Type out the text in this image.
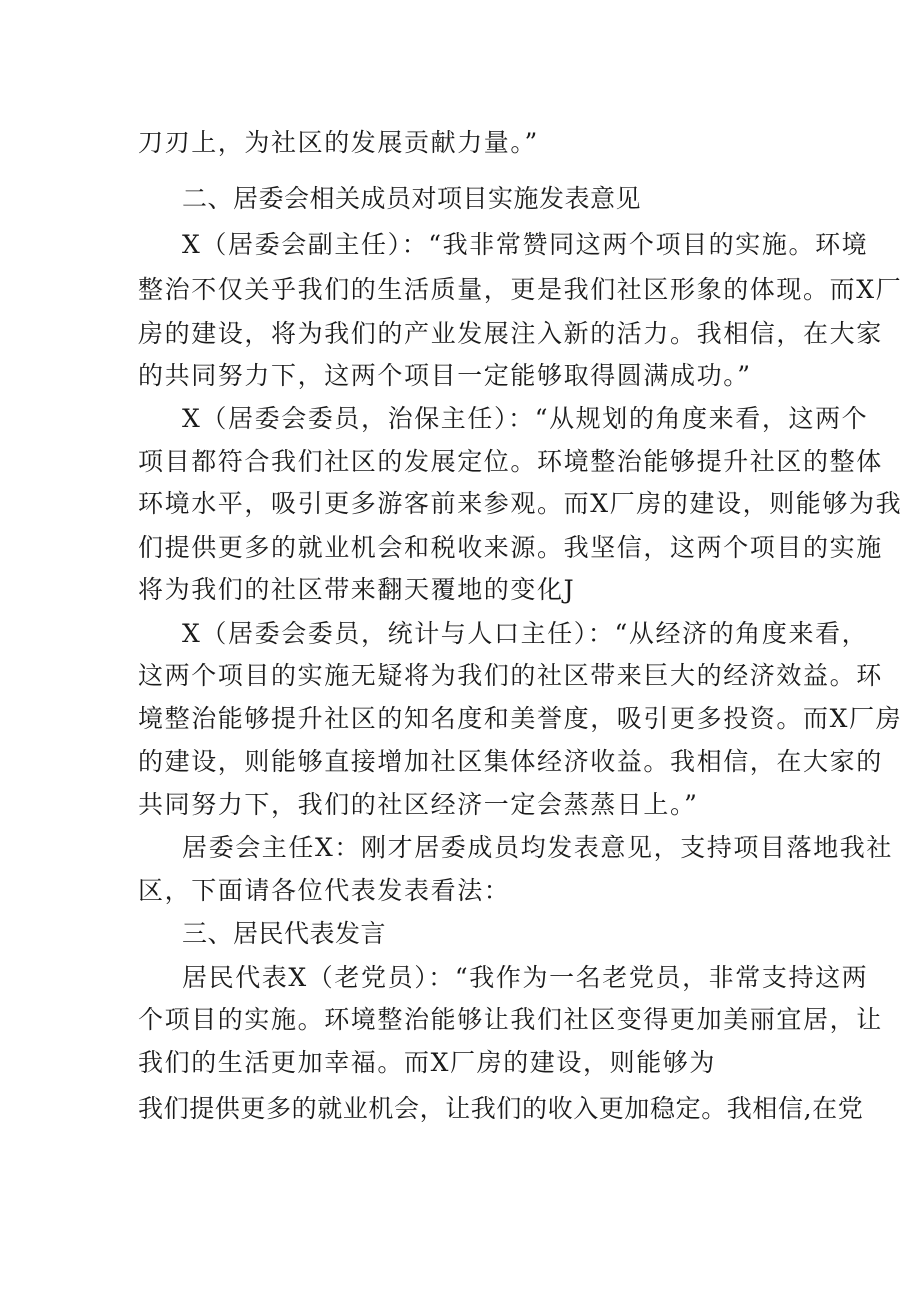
刀刃上，为社区的发展贡献力量。”
二、居委会相关成员对项目实施发表意见
X（居委会副主任）：“我非常赞同这两个项目的实施。环境
整治不仅关乎我们的生活质量，更是我们社区形象的体现。而X厂
房的建设，将为我们的产业发展注入新的活力。我相信，在大家
的共同努力下，这两个项目一定能够取得圆满成功。”
X（居委会委员，治保主任）：“从规划的角度来看，这两个
项目都符合我们社区的发展定位。环境整治能够提升社区的整体
环境水平，吸引更多游客前来参观。而X厂房的建设，则能够为我
们提供更多的就业机会和税收来源。我坚信，这两个项目的实施
将为我们的社区带来翻天覆地的变化J
X（居委会委员，统计与人口主任）：“从经济的角度来看，
这两个项目的实施无疑将为我们的社区带来巨大的经济效益。环
境整治能够提升社区的知名度和美誉度，吸引更多投资。而X厂房
的建设，则能够直接增加社区集体经济收益。我相信，在大家的
共同努力下，我们的社区经济一定会蒸蒸日上。”
居委会主任X：刚才居委成员均发表意见，支持项目落地我社
区，下面请各位代表发表看法：
三、居民代表发言
居民代表X（老党员）：“我作为一名老党员，非常支持这两
个项目的实施。环境整治能够让我们社区变得更加美丽宜居，让
我们的生活更加幸福。而X厂房的建设，则能够为
我们提供更多的就业机会，让我们的收入更加稳定。我相信,在党
